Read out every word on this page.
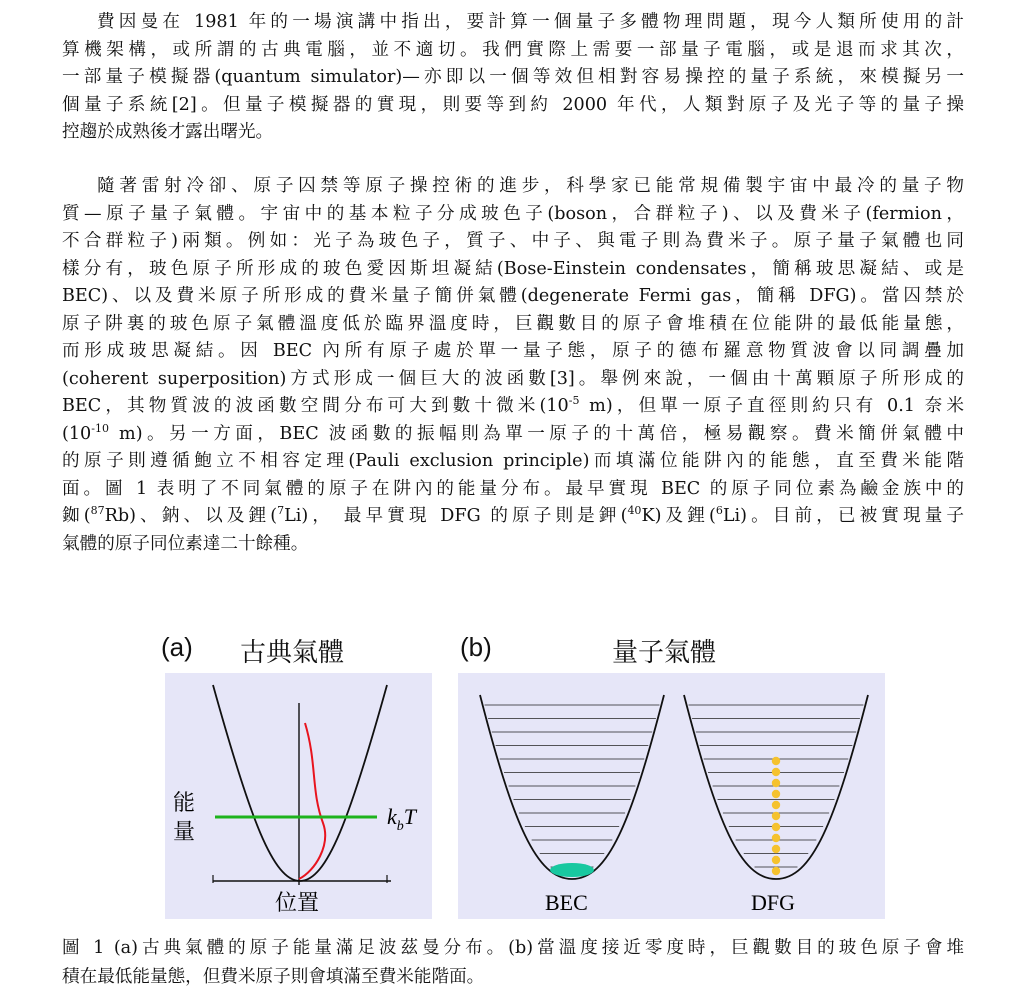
費因曼在 1981 年的一場演講中指出，要計算一個量子多體物理問題，現今人類所使用的計
算機架構，或所謂的古典電腦，並不適切。我們實際上需要一部量子電腦，或是退而求其次，
一部量子模擬器(quantum simulator)—亦即以一個等效但相對容易操控的量子系統，來模擬另一
個量子系統[2]。但量子模擬器的實現，則要等到約 2000 年代，人類對原子及光子等的量子操
控趨於成熟後才露出曙光。
隨著雷射冷卻、原子囚禁等原子操控術的進步，科學家已能常規備製宇宙中最冷的量子物
質—原子量子氣體。宇宙中的基本粒子分成玻色子(boson，合群粒子)、以及費米子(fermion，
不合群粒子)兩類。例如：光子為玻色子，質子、中子、與電子則為費米子。原子量子氣體也同
樣分有，玻色原子所形成的玻色愛因斯坦凝結(Bose-Einstein condensates，簡稱玻思凝結、或是
BEC)、以及費米原子所形成的費米量子簡併氣體(degenerate Fermi gas，簡稱 DFG)。當囚禁於
原子阱裏的玻色原子氣體溫度低於臨界溫度時，巨觀數目的原子會堆積在位能阱的最低能量態，
而形成玻思凝結。因 BEC 內所有原子處於單一量子態，原子的德布羅意物質波會以同調疊加
(coherent superposition)方式形成一個巨大的波函數[3]。舉例來說，一個由十萬顆原子所形成的
BEC，其物質波的波函數空間分布可大到數十微米($10^{-5}$ m)，但單一原子直徑則約只有 0.1 奈米
($10^{-10}$ m)。另一方面，BEC 波函數的振幅則為單一原子的十萬倍，極易觀察。費米簡併氣體中
的原子則遵循鮑立不相容定理(Pauli exclusion principle)而填滿位能阱內的能態，直至費米能階
面。圖 1 表明了不同氣體的原子在阱內的能量分布。最早實現 BEC 的原子同位素為鹼金族中的
銣($^{87}$Rb)、鈉、以及鋰($^7$Li)， 最早實現 DFG 的原子則是鉀($^{40}$K)及鋰($^6$Li)。目前，已被實現量子
氣體的原子同位素達二十餘種。
(a) 古典氣體	(b)	量子氣體
$k_bT$
能
量
位置	BEC	DFG
圖 1 (a)古典氣體的原子能量滿足波茲曼分布。(b)當溫度接近零度時，巨觀數目的玻色原子會堆
積在最低能量態，但費米原子則會填滿至費米能階面。
